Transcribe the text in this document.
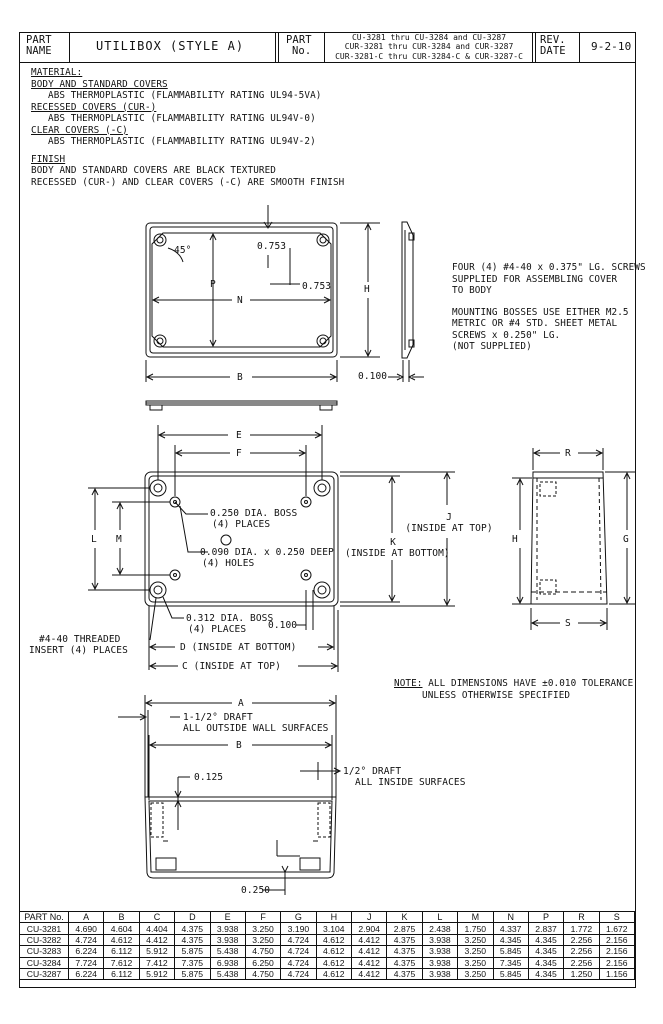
PART
NAME	UTILIBOX (STYLE A)	PART
No.
CU-3281 thru CU-3284 and CU-3287
CUR-3281 thru CUR-3284 and CUR-3287
CUR-3281-C thru CUR-3284-C & CUR-3287-C
REV.
DATE 9-2-10
MATERIAL:
BODY AND STANDARD COVERS
ABS THERMOPLASTIC (FLAMMABILITY RATING UL94-5VA)
RECESSED COVERS (CUR-)
ABS THERMOPLASTIC (FLAMMABILITY RATING UL94V-0)
CLEAR COVERS (-C)
ABS THERMOPLASTIC (FLAMMABILITY RATING UL94V-2)
FINISH
BODY AND STANDARD COVERS ARE BLACK TEXTURED
RECESSED (CUR-) AND CLEAR COVERS (-C) ARE SMOOTH FINISH
FOUR (4) #4-40 x 0.375" LG. SCREWS
SUPPLIED FOR ASSEMBLING COVER
TO BODY
MOUNTING BOSSES USE EITHER M2.5
METRIC OR #4 STD. SHEET METAL
SCREWS x 0.250" LG.
(NOT SUPPLIED)
NOTE: ALL DIMENSIONS HAVE ±0.010 TOLERANCE
UNLESS OTHERWISE SPECIFIED
45°	0.753
0.753
P
N
H
B	0.100
E
F
0.250 DIA. BOSS
(4) PLACES
0.090 DIA. x 0.250 DEEP
(4) HOLES
L M	K
(INSIDE AT BOTTOM)
J
(INSIDE AT TOP)
0.312 DIA. BOSS
(4) PLACES	0.100
#4-40 THREADED
INSERT (4) PLACES	D (INSIDE AT BOTTOM)
C (INSIDE AT TOP)
R
H	G
S
A
1-1/2° DRAFT
ALL OUTSIDE WALL SURFACES
B
0.125
1/2° DRAFT
ALL INSIDE SURFACES
0.250
PART No.	A	B	C	D	E	F	G	H	J	K	L	M	N	P	R	S
CU-3281	4.690	4.604	4.404	4.375	3.938	3.250	3.190	3.104	2.904	2.875	2.438	1.750	4.337	2.837	1.772	1.672
CU-3282	4.724	4.612	4.412	4.375	3.938	3.250	4.724	4.612	4.412	4.375	3.938	3.250	4.345	4.345	2.256	2.156
CU-3283	6.224	6.112	5.912	5.875	5.438	4.750	4.724	4.612	4.412	4.375	3.938	3.250	5.845	4.345	2.256	2.156
CU-3284	7.724	7.612	7.412	7.375	6.938	6.250	4.724	4.612	4.412	4.375	3.938	3.250	7.345	4.345	2.256	2.156
CU-3287	6.224	6.112	5.912	5.875	5.438	4.750	4.724	4.612	4.412	4.375	3.938	3.250	5.845	4.345	1.250	1.156
